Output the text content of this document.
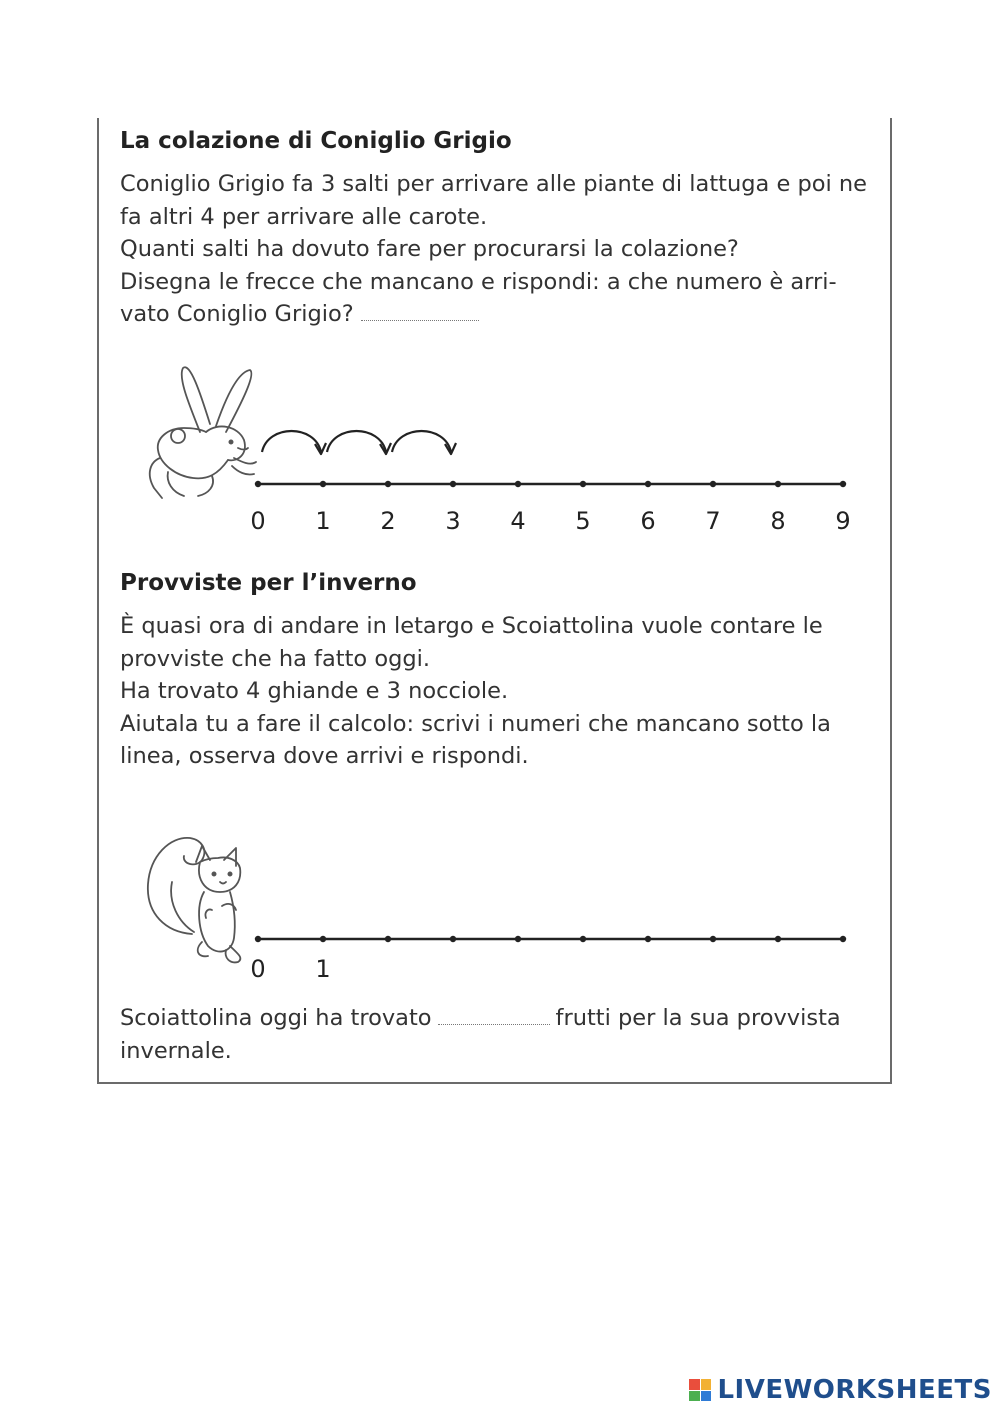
La colazione di Coniglio Grigio

Coniglio Grigio fa 3 salti per arrivare alle piante di lattuga e poi ne fa altri 4 per arrivare alle carote.

Quanti salti ha dovuto fare per procurarsi la colazione?

Disegna le frecce che mancano e rispondi: a che numero è arri-vato Coniglio Grigio?

0 1 2 3 4 5 6 7 8 9
Provviste per l’inverno

È quasi ora di andare in letargo e Scoiattolina vuole contare le provviste che ha fatto oggi.

Ha trovato 4 ghiande e 3 nocciole.

Aiutala tu a fare il calcolo: scrivi i numeri che mancano sotto la linea, osserva dove arrivi e rispondi.

0 1

Scoiattolina oggi ha trovato	frutti per la sua provvista invernale.

LIVEWORKSHEETS
